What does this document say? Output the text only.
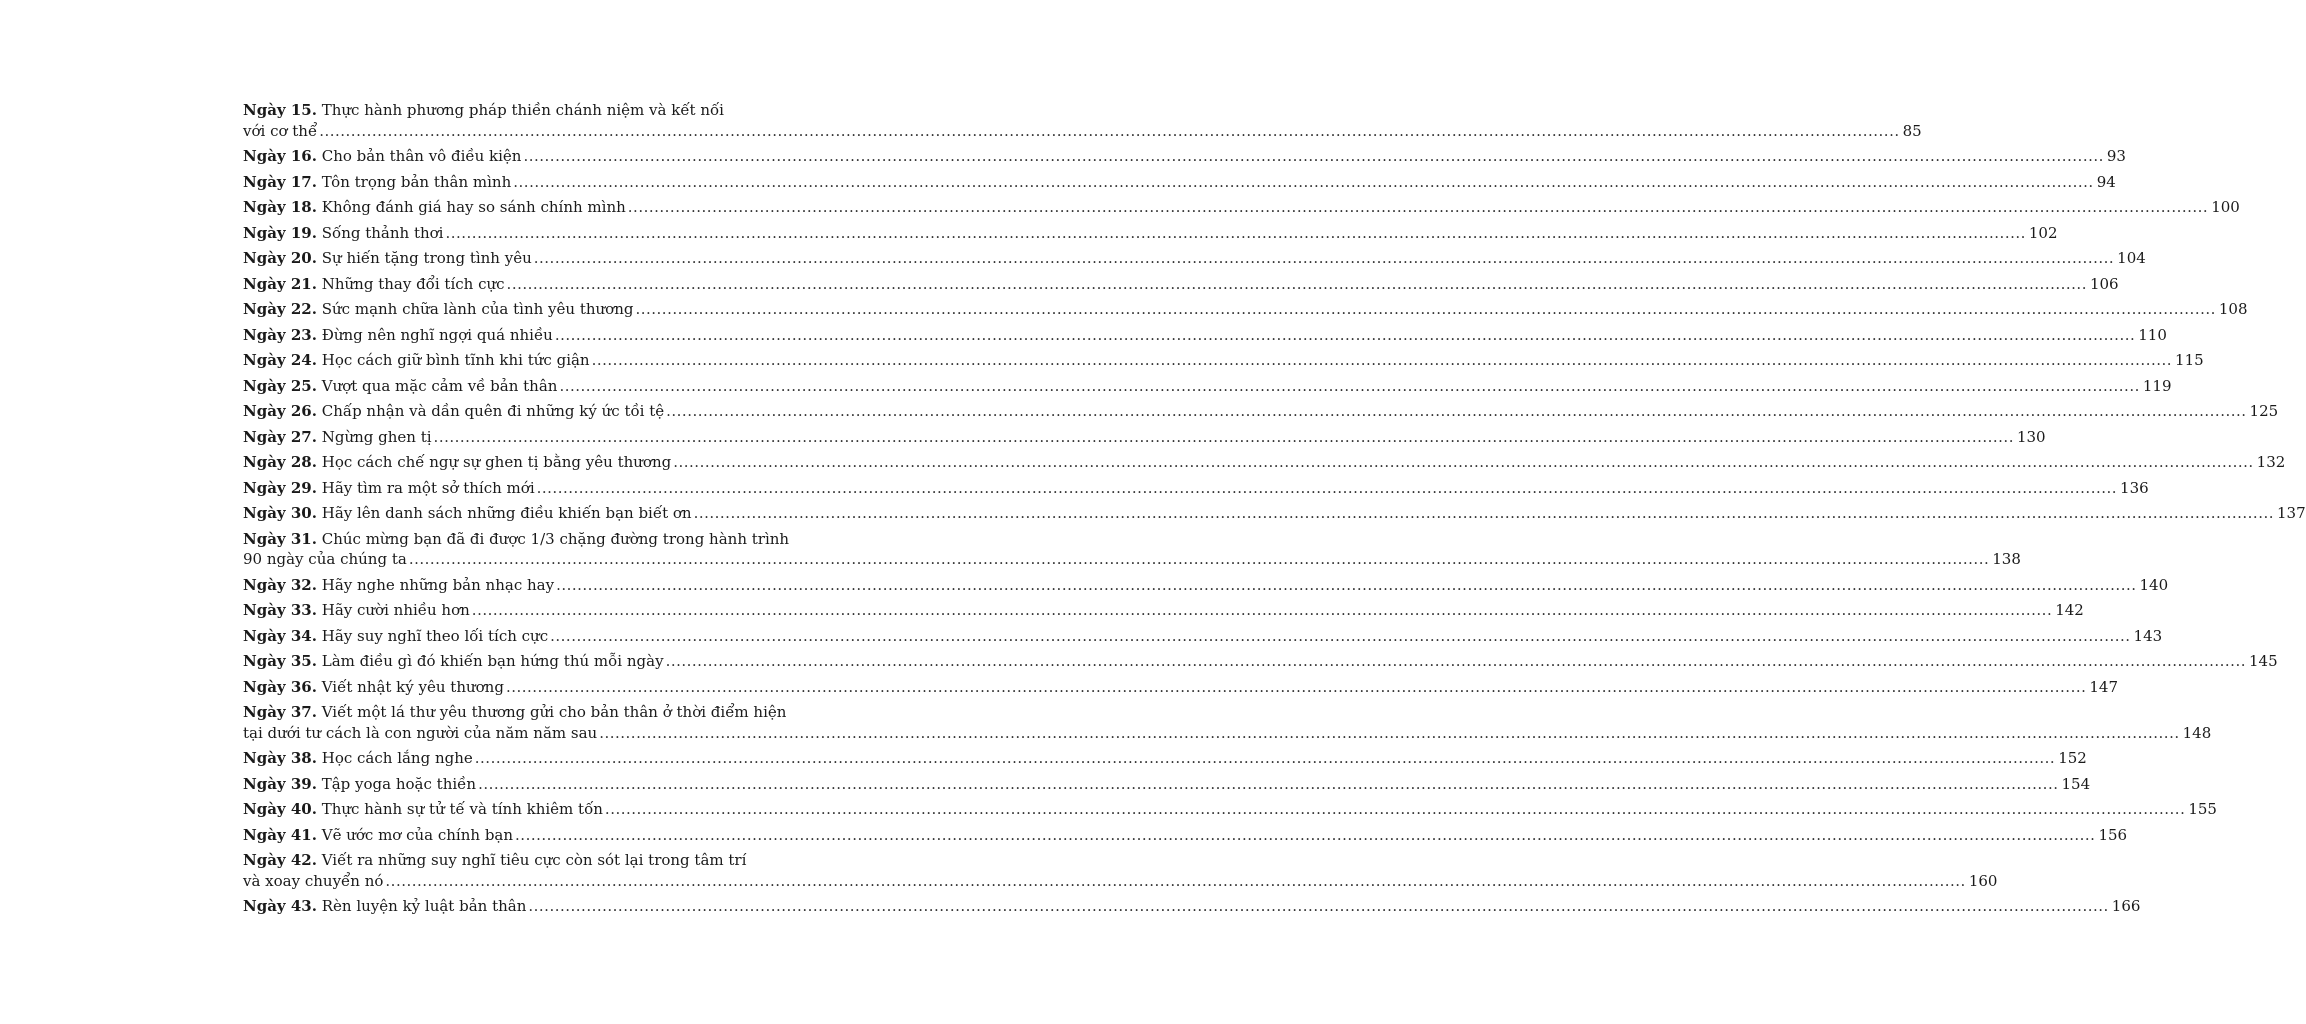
Ngày 15. Thực hành phương pháp thiền chánh niệm và kết nối
với cơ thể ............................................................................................................................................................................................................................................................................................................ 85
Ngày 16. Cho bản thân vô điều kiện ............................................................................................................................................................................................................................................................................................................ 93
Ngày 17. Tôn trọng bản thân mình ............................................................................................................................................................................................................................................................................................................ 94
Ngày 18. Không đánh giá hay so sánh chính mình ............................................................................................................................................................................................................................................................................................................ 100
Ngày 19. Sống thảnh thơi ............................................................................................................................................................................................................................................................................................................ 102
Ngày 20. Sự hiến tặng trong tình yêu ............................................................................................................................................................................................................................................................................................................ 104
Ngày 21. Những thay đổi tích cực ............................................................................................................................................................................................................................................................................................................ 106
Ngày 22. Sức mạnh chữa lành của tình yêu thương ............................................................................................................................................................................................................................................................................................................ 108
Ngày 23. Đừng nên nghĩ ngợi quá nhiều ............................................................................................................................................................................................................................................................................................................ 110
Ngày 24. Học cách giữ bình tĩnh khi tức giận ............................................................................................................................................................................................................................................................................................................ 115
Ngày 25. Vượt qua mặc cảm về bản thân ............................................................................................................................................................................................................................................................................................................ 119
Ngày 26. Chấp nhận và dần quên đi những ký ức tồi tệ ............................................................................................................................................................................................................................................................................................................ 125
Ngày 27. Ngừng ghen tị ............................................................................................................................................................................................................................................................................................................ 130
Ngày 28. Học cách chế ngự sự ghen tị bằng yêu thương ............................................................................................................................................................................................................................................................................................................ 132
Ngày 29. Hãy tìm ra một sở thích mới ............................................................................................................................................................................................................................................................................................................ 136
Ngày 30. Hãy lên danh sách những điều khiến bạn biết ơn ............................................................................................................................................................................................................................................................................................................ 137
Ngày 31. Chúc mừng bạn đã đi được 1/3 chặng đường trong hành trình
90 ngày của chúng ta ............................................................................................................................................................................................................................................................................................................ 138
Ngày 32. Hãy nghe những bản nhạc hay ............................................................................................................................................................................................................................................................................................................ 140
Ngày 33. Hãy cười nhiều hơn ............................................................................................................................................................................................................................................................................................................ 142
Ngày 34. Hãy suy nghĩ theo lối tích cực ............................................................................................................................................................................................................................................................................................................ 143
Ngày 35. Làm điều gì đó khiến bạn hứng thú mỗi ngày ............................................................................................................................................................................................................................................................................................................ 145
Ngày 36. Viết nhật ký yêu thương ............................................................................................................................................................................................................................................................................................................ 147
Ngày 37. Viết một lá thư yêu thương gửi cho bản thân ở thời điểm hiện
tại dưới tư cách là con người của năm năm sau ............................................................................................................................................................................................................................................................................................................ 148
Ngày 38. Học cách lắng nghe ............................................................................................................................................................................................................................................................................................................ 152
Ngày 39. Tập yoga hoặc thiền ............................................................................................................................................................................................................................................................................................................ 154
Ngày 40. Thực hành sự tử tế và tính khiêm tốn ............................................................................................................................................................................................................................................................................................................ 155
Ngày 41. Vẽ ước mơ của chính bạn ............................................................................................................................................................................................................................................................................................................ 156
Ngày 42. Viết ra những suy nghĩ tiêu cực còn sót lại trong tâm trí
và xoay chuyển nó ............................................................................................................................................................................................................................................................................................................ 160
Ngày 43. Rèn luyện kỷ luật bản thân ............................................................................................................................................................................................................................................................................................................ 166
